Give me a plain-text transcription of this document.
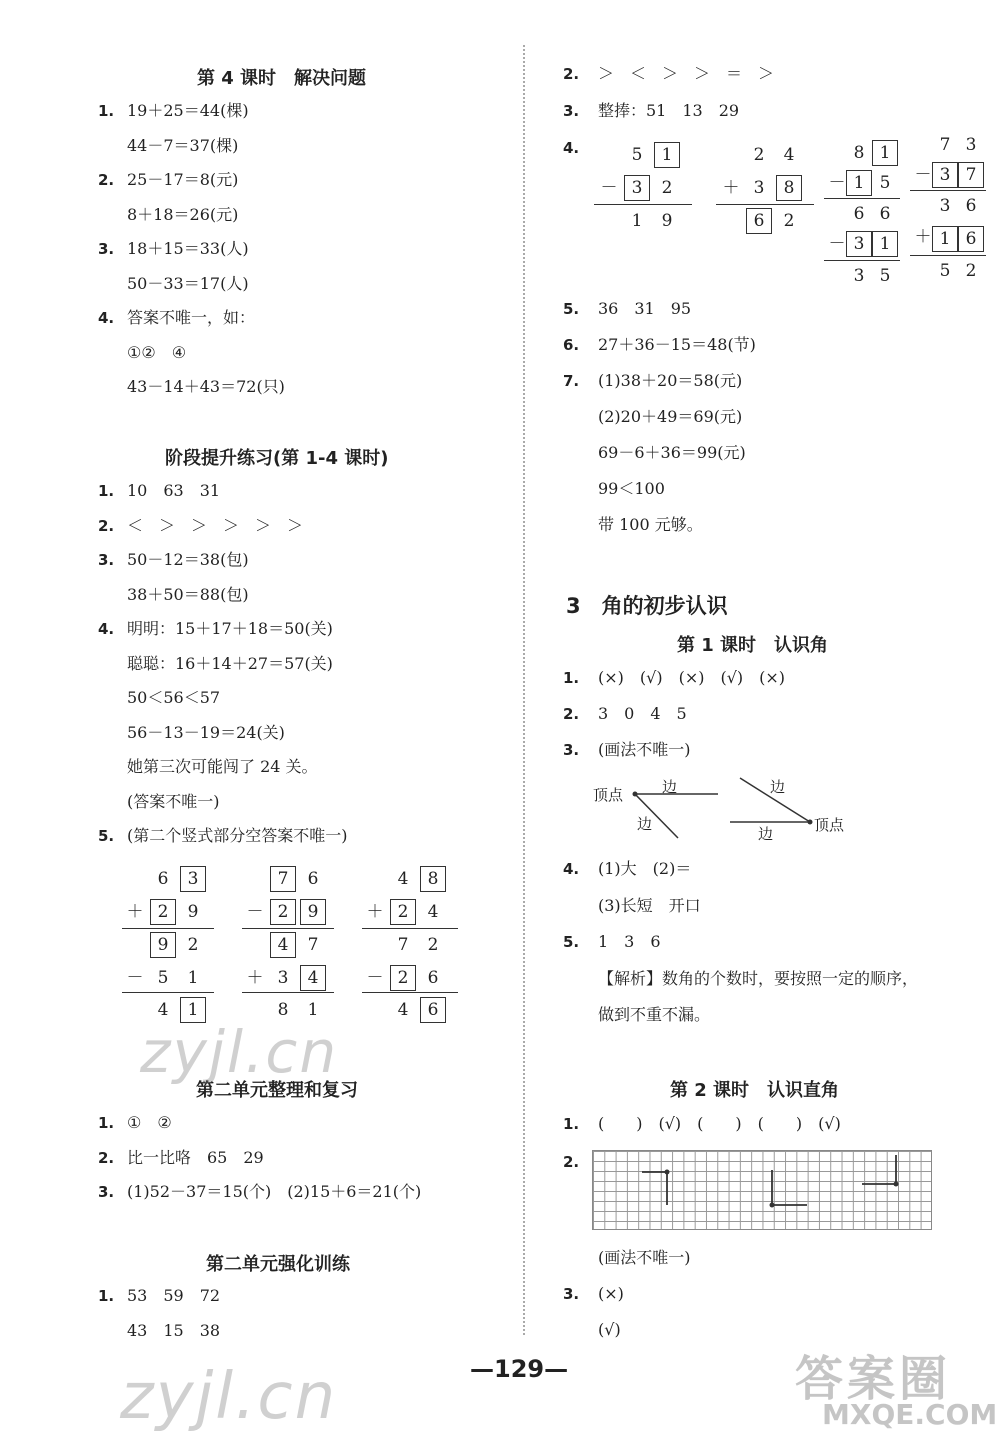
第 4 课时　解决问题
1. 19＋25＝44(棵)
44－7＝37(棵)
2. 25－17＝8(元)
8＋18＝26(元)
3. 18＋15＝33(人)
50－33＝17(人)
4. 答案不唯一，如：
①②　④
43－14＋43＝72(只)
阶段提升练习(第 1-4 课时)
1. 10　63　31
2. ＜　＞　＞　＞　＞　＞
3. 50－12＝38(包)
38＋50＝88(包)
4. 明明：15＋17＋18＝50(关)
聪聪：16＋14＋27＝57(关)
50＜56＜57
56－13－19＝24(关)
她第三次可能闯了 24 关。
(答案不唯一)
5. (第二个竖式部分空答案不唯一)
6	3
＋ 2	9
9	2
－ 5	1
4	1
7	6
－ 2	9
4	7
＋ 3	4
8	1
4	8
＋ 2	4
7	2
－ 2	6
4	6
第二单元整理和复习
1. ①　②
2. 比一比咯　65　29
3. (1)52－37＝15(个)　(2)15＋6＝21(个)
第二单元强化训练
1. 53　59　72
43　15　38
2. ＞　＜　＞　＞　＝　＞
3. 整捧：51　13　29
4.	5	1
－ 3	2
1	9
2	4
＋ 3	8
6	2
8 1
－ 1 5
6 6
－ 3 1
3 5
7 3
－ 3 7
3 6
＋ 1 6
5 2
5. 36　31　95
6. 27＋36－15＝48(节)
7. (1)38＋20＝58(元)
(2)20＋49＝69(元)
69－6＋36＝99(元)
99＜100
带 100 元够。
3　角的初步认识
第 1 课时　认识角
1. (×)　(√)　(×)　(√)　(×)
2. 3　0　4　5
3. (画法不唯一)
顶点	边
边
边
边	顶点
4. (1)大　(2)＝
(3)长短　开口
5. 1　3　6
【解析】数角的个数时，要按照一定的顺序，
做到不重不漏。
第 2 课时　认识直角
1. (　　)　(√)　(　　)　(　　)　(√)
2.
(画法不唯一)
3. (×)
(√)
—129—
zyjl.cn
zyjl.cn	答案圈
MXQE.COM
